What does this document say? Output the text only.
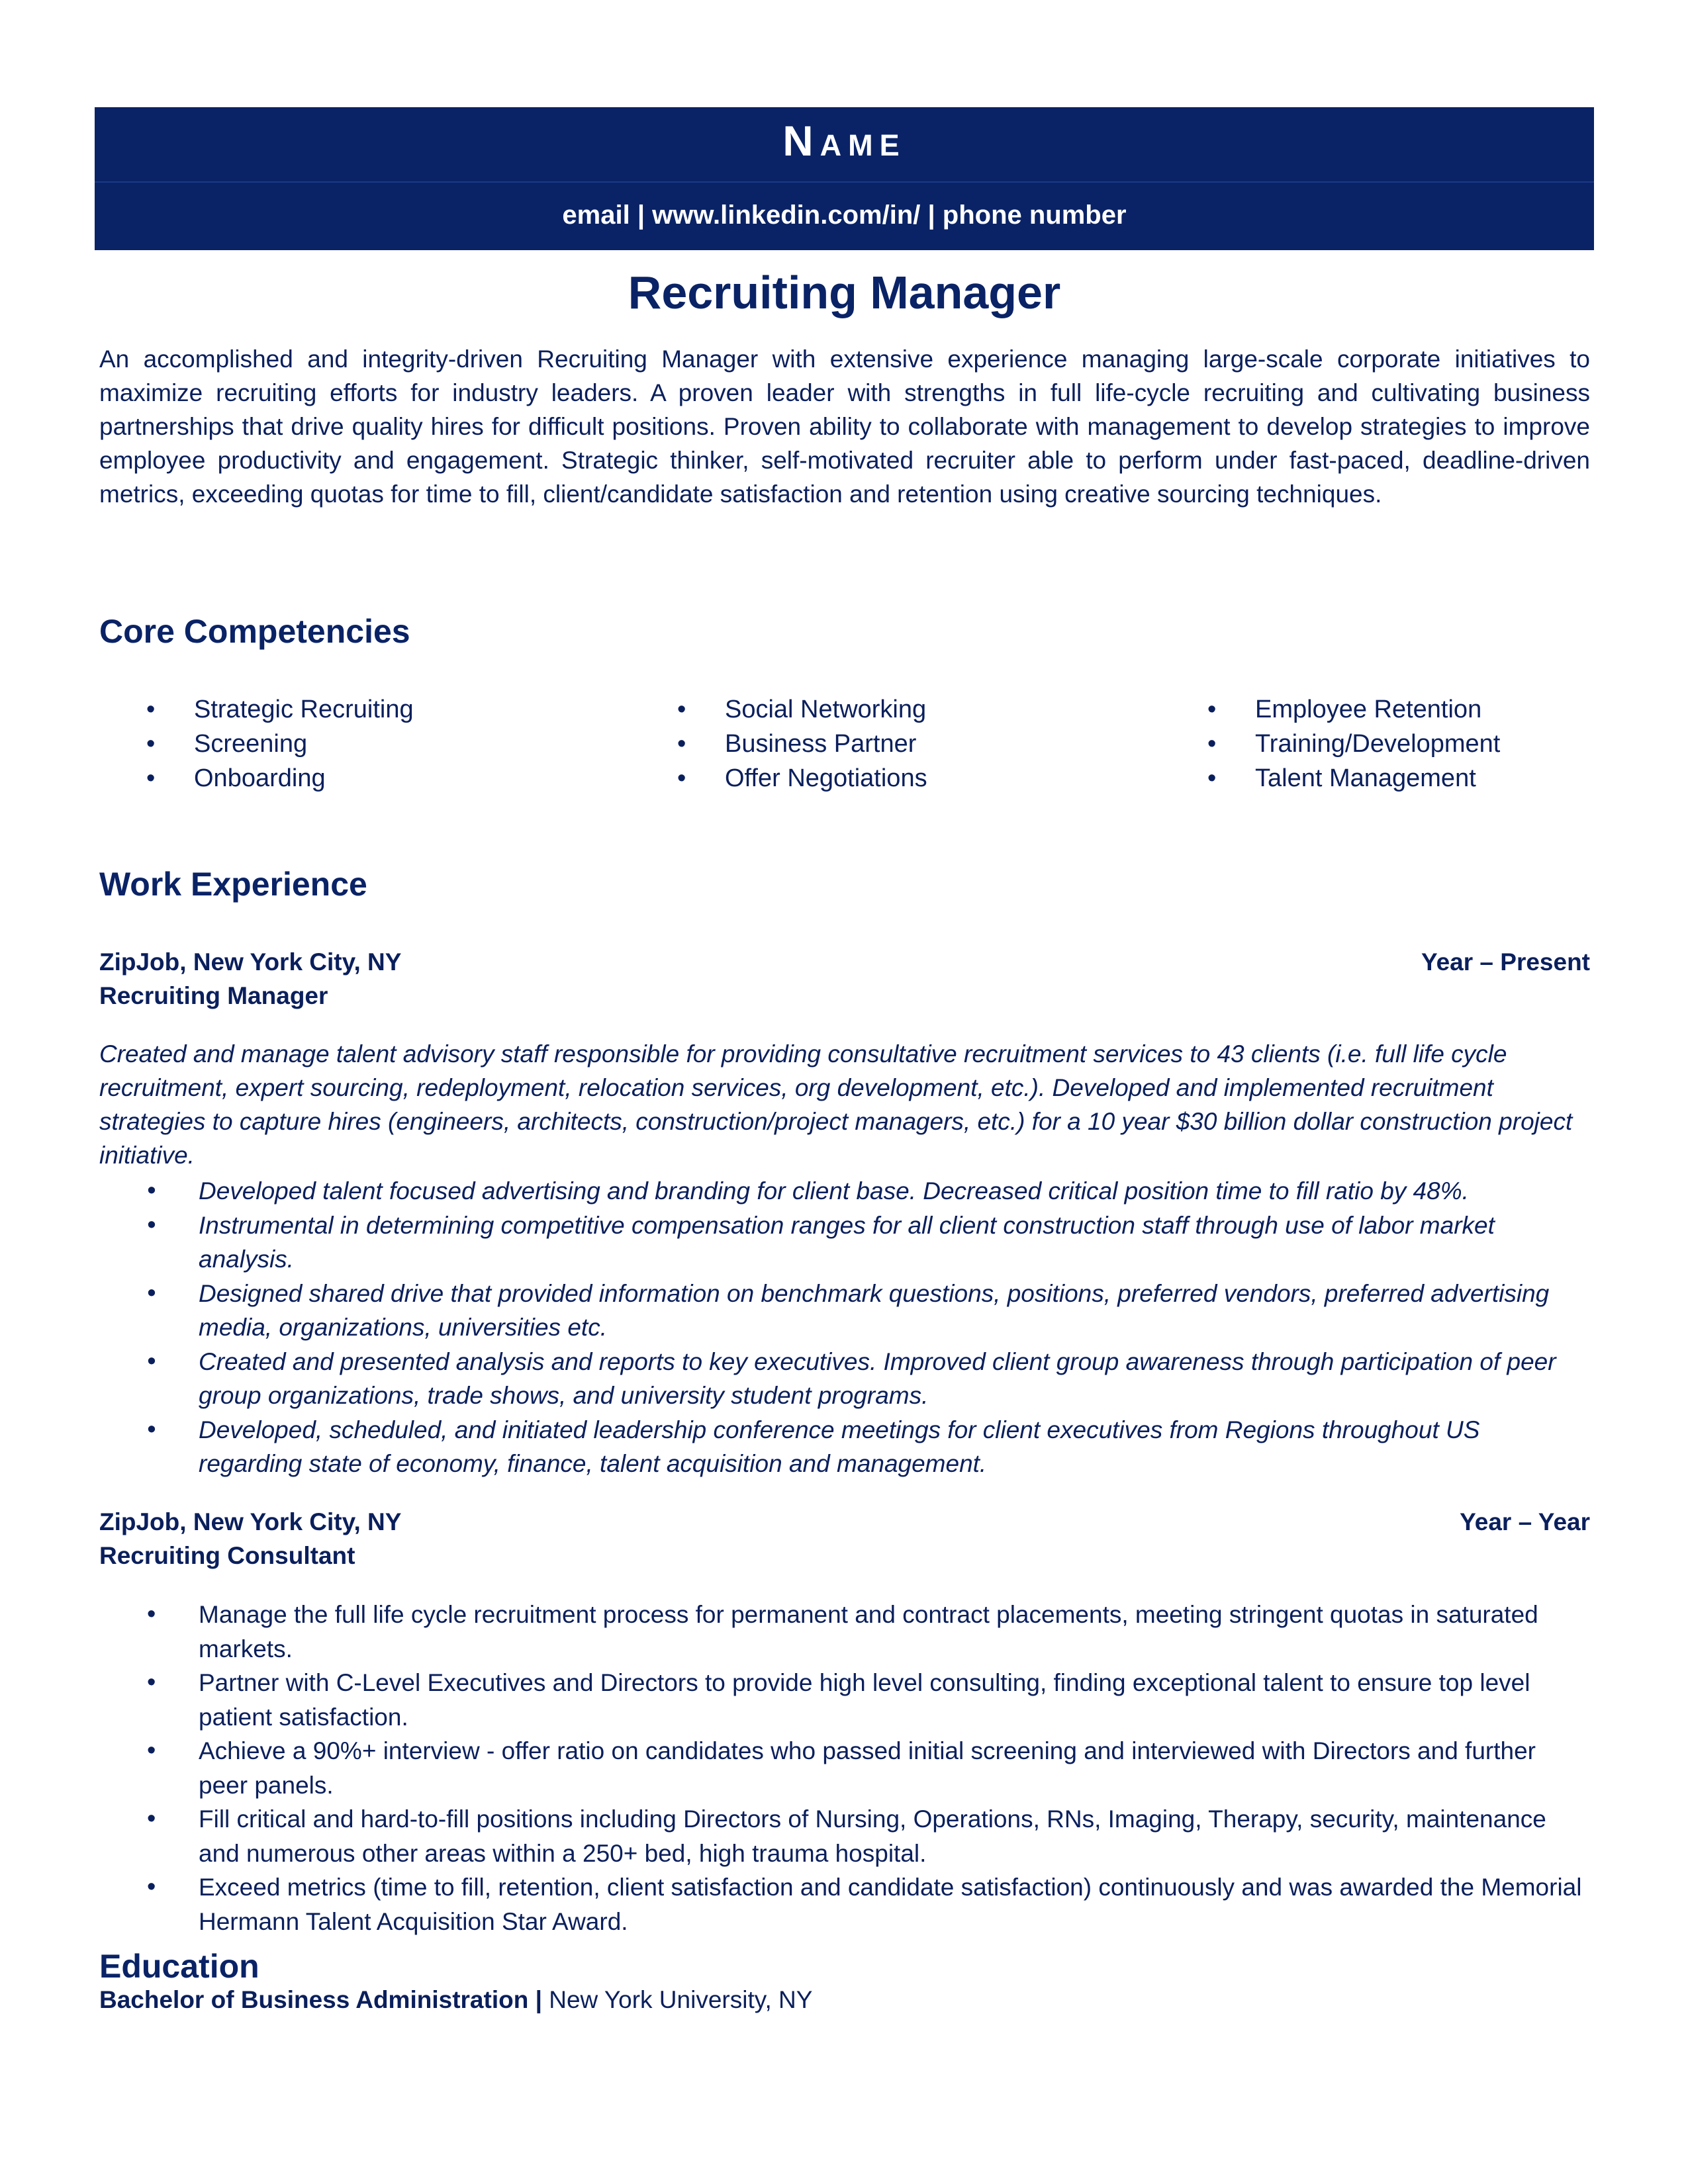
Name
email | www.linkedin.com/in/ | phone number
Recruiting Manager
An accomplished and integrity-driven Recruiting Manager with extensive experience managing large-scale corporate initiatives to maximize recruiting efforts for industry leaders. A proven leader with strengths in full life-cycle recruiting and cultivating business partnerships that drive quality hires for difficult positions. Proven ability to collaborate with management to develop strategies to improve employee productivity and engagement. Strategic thinker, self-motivated recruiter able to perform under fast-paced, deadline-driven metrics, exceeding quotas for time to fill, client/candidate satisfaction and retention using creative sourcing techniques.
Core Competencies
• Strategic Recruiting
• Screening
• Onboarding
• Social Networking
• Business Partner
• Offer Negotiations
• Employee Retention
• Training/Development
• Talent Management
Work Experience
ZipJob, New York City, NY	Year – Present
Recruiting Manager
Created and manage talent advisory staff responsible for providing consultative recruitment services to 43 clients (i.e. full life cycle recruitment, expert sourcing, redeployment, relocation services, org development, etc.). Developed and implemented recruitment strategies to capture hires (engineers, architects, construction/project managers, etc.) for a 10 year $30 billion dollar construction project initiative.
• Developed talent focused advertising and branding for client base. Decreased critical position time to fill ratio by 48%.
• Instrumental in determining competitive compensation ranges for all client construction staff through use of labor market analysis.
• Designed shared drive that provided information on benchmark questions, positions, preferred vendors, preferred advertising media, organizations, universities etc.
• Created and presented analysis and reports to key executives. Improved client group awareness through participation of peer group organizations, trade shows, and university student programs.
• Developed, scheduled, and initiated leadership conference meetings for client executives from Regions throughout US regarding state of economy, finance, talent acquisition and management.
ZipJob, New York City, NY	Year – Year
Recruiting Consultant
• Manage the full life cycle recruitment process for permanent and contract placements, meeting stringent quotas in saturated markets.
• Partner with C-Level Executives and Directors to provide high level consulting, finding exceptional talent to ensure top level patient satisfaction.
• Achieve a 90%+ interview - offer ratio on candidates who passed initial screening and interviewed with Directors and further peer panels.
• Fill critical and hard-to-fill positions including Directors of Nursing, Operations, RNs, Imaging, Therapy, security, maintenance and numerous other areas within a 250+ bed, high trauma hospital.
• Exceed metrics (time to fill, retention, client satisfaction and candidate satisfaction) continuously and was awarded the Memorial Hermann Talent Acquisition Star Award.
Education
Bachelor of Business Administration | New York University, NY
